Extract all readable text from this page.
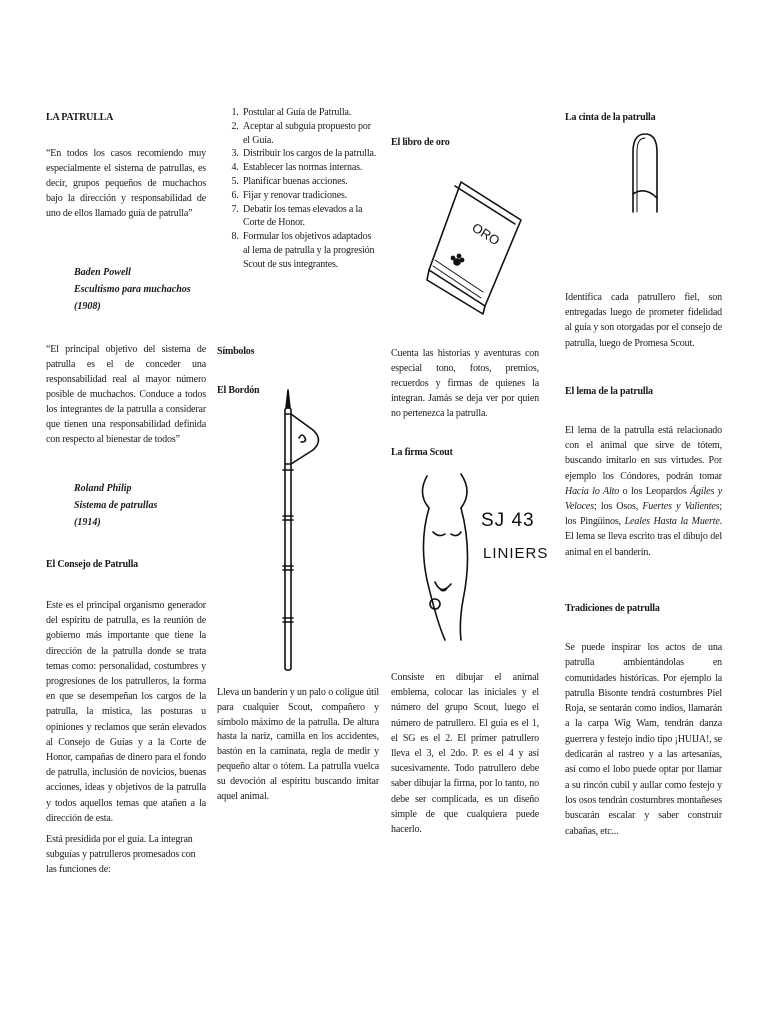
LA PATRULLA
“En todos los casos recomiendo muy especialmente el sistema de patrullas, es decir, grupos pequeños de muchachos bajo la dirección y responsabilidad de uno de ellos llamado guía de patrulla”
Baden Powell
Escultismo para muchachos
(1908)
“El principal objetivo del sistema de patrulla es el de conceder una responsabilidad real al mayor número posible de muchachos. Conduce a todos los integrantes de la patrulla a considerar que tienen una responsabilidad definida con respecto al bienestar de todos”
Roland Philip
Sistema de patrullas
(1914)
El Consejo de Patrulla
Este es el principal organismo generador del espíritu de patrulla, es la reunión de gobierno más importante que tiene la dirección de la patrulla donde se trata temas como: personalidad, costumbres y progresiones de los patrulleros, la forma en que se desempeñan los cargos de la patrulla, la mística, las posturas u opiniones y reclamos que serán elevados al Consejo de Guías y a la Corte de Honor, campañas de dinero para el fondo de patrulla, inclusión de novicios, buenas acciones, ideas y objetivos de la patrulla y todos aquellos temas que atañen a la dirección de esta.
Está presidida por el guía. La integran subguías y patrulleros promesados con las funciones de:
1. Postular al Guía de Patrulla.
2. Aceptar al subguía propuesto por el Guía.
3. Distribuir los cargos de la patrulla.
4. Establecer las normas internas.
5. Planificar buenas acciones.
6. Fijar y renovar tradiciones.
7. Debatir los temas elevados a la Corte de Honor.
8. Formular los objetivos adaptados al lema de patrulla y la progresión Scout de sus integrantes.
Símbolos
El Bordón
Lleva un banderín y un palo o coligue útil para cualquier Scout, compañero y símbolo máximo de la patrulla. De altura hasta la nariz, camilla en los accidentes, bastón en la caminata, regla de medir y pequeño altar o tótem. La patrulla vuelca su devoción al espíritu buscando imitar aquel animal.
El libro de oro
ORO
Cuenta las historias y aventuras con especial tono, fotos, premios, recuerdos y firmas de quienes la integran. Jamás se deja ver por quien no pertenezca la patrulla.
La firma Scout
SJ 43
LINIERS
Consiste en dibujar el animal emblema, colocar las iniciales y el número del grupo Scout, luego el número de patrullero. El guía es el 1, el SG es el 2. El primer patrullero lleva el 3, el 2do. P. es el 4 y así sucesivamente. Todo patrullero debe saber dibujar la firma, por lo tanto, no debe ser complicada, es un diseño simple de que cualquiera puede hacerlo.
La cinta de la patrulla
Identifica cada patrullero fiel, son entregadas luego de prometer fidelidad al guía y son otorgadas por el consejo de patrulla, luego de Promesa Scout.
El lema de la patrulla
El lema de la patrulla está relacionado con el animal que sirve de tótem, buscando imitarlo en sus virtudes. Por ejemplo los Cóndores, podrán tomar Hacia lo Alto o los Leopardos Ágiles y Veloces; los Osos, Fuertes y Valientes; los Pingüinos, Leales Hasta la Muerte. El lema se lleva escrito tras el dibujo del animal en el banderín.
Tradiciones de patrulla
Se puede inspirar los actos de una patrulla ambientándolas en comunidades históricas. Por ejemplo la patrulla Bisonte tendrá costumbres Piel Roja, se sentarán como indios, llamarán a la carpa Wig Wam, tendrán danza guerrera y festejo indio tipo ¡HUIJA!, se dedicarán al rastreo y a las artesanías, así como el lobo puede optar por llamar a su rincón cubil y aullar como festejo y los osos tendrán costumbres montañeses buscarán escalar y saber construir cabañas, etc...
